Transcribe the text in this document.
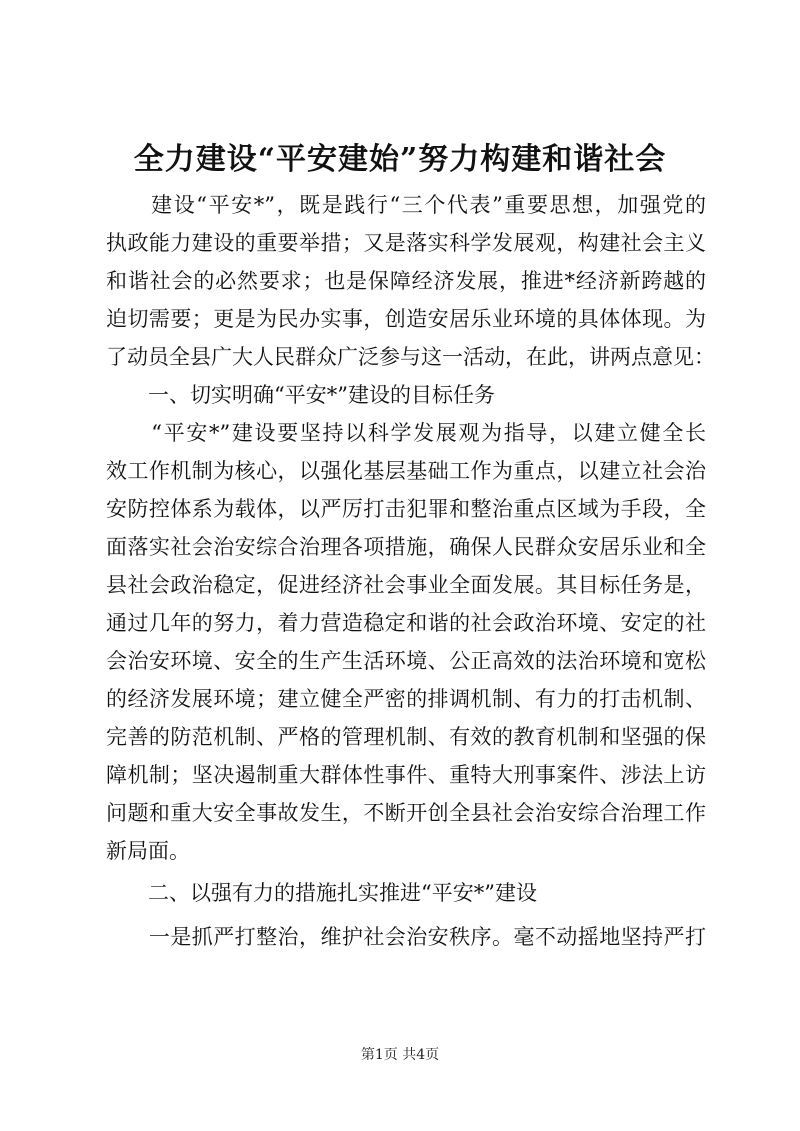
全力建设“平安建始”努力构建和谐社会
　　建设“平安*”，既是践行“三个代表”重要思想，加强党的
执政能力建设的重要举措；又是落实科学发展观，构建社会主义
和谐社会的必然要求；也是保障经济发展，推进*经济新跨越的
迫切需要；更是为民办实事，创造安居乐业环境的具体体现。为
了动员全县广大人民群众广泛参与这一活动，在此，讲两点意见：
　　一、切实明确“平安*”建设的目标任务
　　“平安*”建设要坚持以科学发展观为指导，以建立健全长
效工作机制为核心，以强化基层基础工作为重点，以建立社会治
安防控体系为载体，以严厉打击犯罪和整治重点区域为手段，全
面落实社会治安综合治理各项措施，确保人民群众安居乐业和全
县社会政治稳定，促进经济社会事业全面发展。其目标任务是，
通过几年的努力，着力营造稳定和谐的社会政治环境、安定的社
会治安环境、安全的生产生活环境、公正高效的法治环境和宽松
的经济发展环境；建立健全严密的排调机制、有力的打击机制、
完善的防范机制、严格的管理机制、有效的教育机制和坚强的保
障机制；坚决遏制重大群体性事件、重特大刑事案件、涉法上访
问题和重大安全事故发生，不断开创全县社会治安综合治理工作
新局面。
　　二、以强有力的措施扎实推进“平安*”建设
　　一是抓严打整治，维护社会治安秩序。毫不动摇地坚持严打
第1页 共4页
